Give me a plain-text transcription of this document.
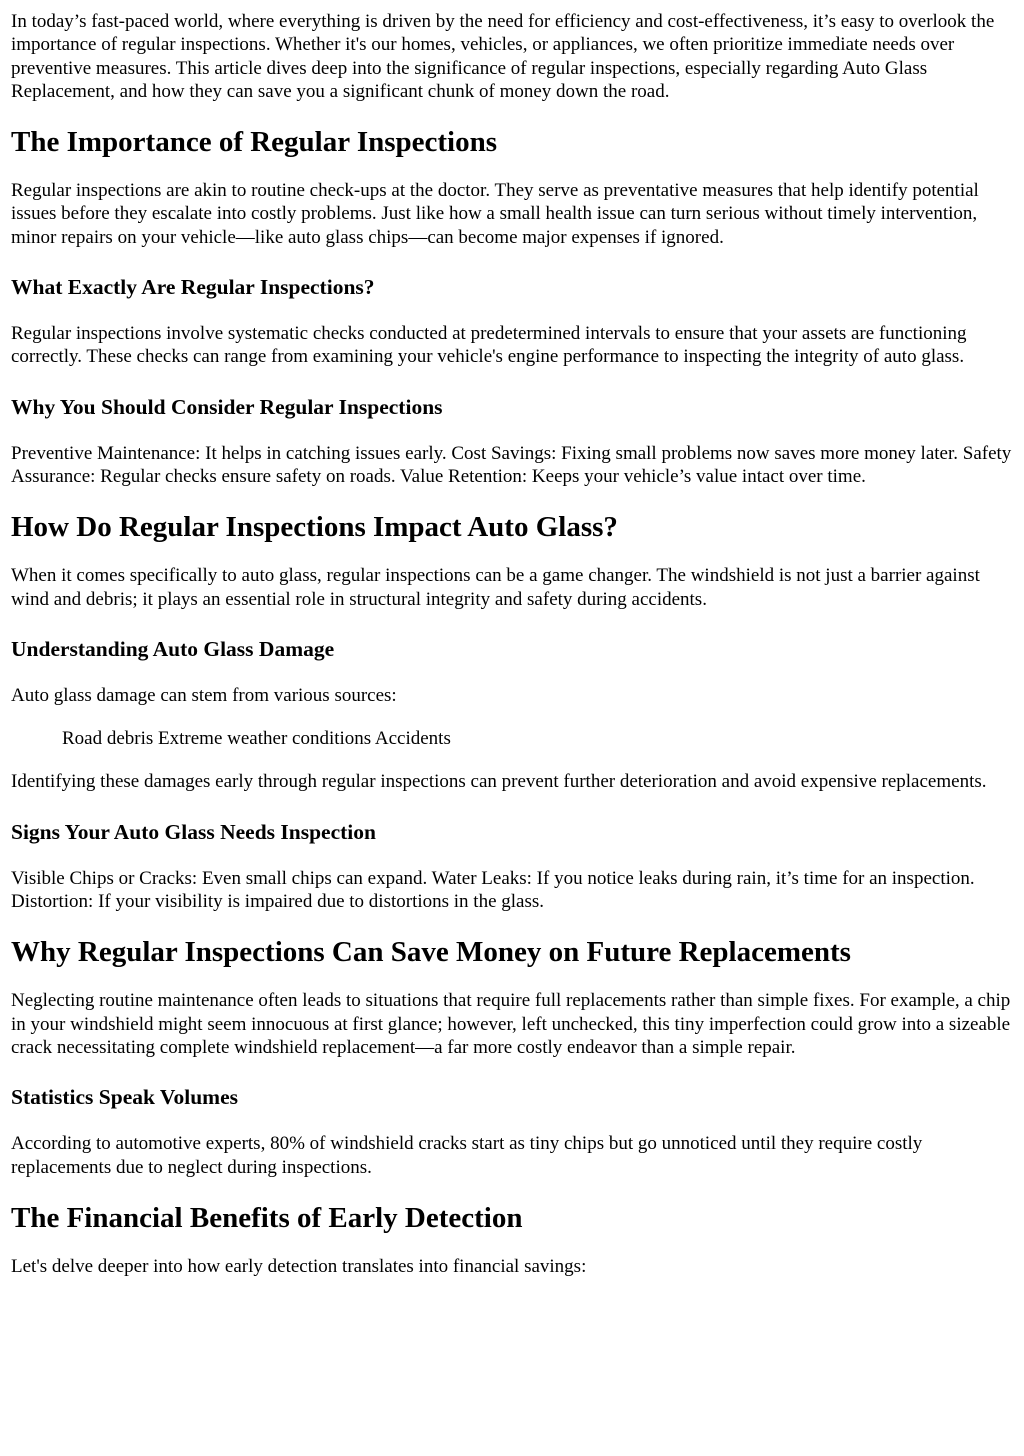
In today’s fast-paced world, where everything is driven by the need for efficiency and cost-effectiveness, it’s easy to overlook the importance of regular inspections. Whether it's our homes, vehicles, or appliances, we often prioritize immediate needs over preventive measures. This article dives deep into the significance of regular inspections, especially regarding Auto Glass Replacement, and how they can save you a significant chunk of money down the road.

The Importance of Regular Inspections

Regular inspections are akin to routine check-ups at the doctor. They serve as preventative measures that help identify potential issues before they escalate into costly problems. Just like how a small health issue can turn serious without timely intervention, minor repairs on your vehicle—like auto glass chips—can become major expenses if ignored.

What Exactly Are Regular Inspections?

Regular inspections involve systematic checks conducted at predetermined intervals to ensure that your assets are functioning correctly. These checks can range from examining your vehicle's engine performance to inspecting the integrity of auto glass.

Why You Should Consider Regular Inspections

Preventive Maintenance: It helps in catching issues early. Cost Savings: Fixing small problems now saves more money later. Safety Assurance: Regular checks ensure safety on roads. Value Retention: Keeps your vehicle’s value intact over time.

How Do Regular Inspections Impact Auto Glass?

When it comes specifically to auto glass, regular inspections can be a game changer. The windshield is not just a barrier against wind and debris; it plays an essential role in structural integrity and safety during accidents.

Understanding Auto Glass Damage

Auto glass damage can stem from various sources:

Road debris Extreme weather conditions Accidents

Identifying these damages early through regular inspections can prevent further deterioration and avoid expensive replacements.

Signs Your Auto Glass Needs Inspection

Visible Chips or Cracks: Even small chips can expand. Water Leaks: If you notice leaks during rain, it’s time for an inspection. Distortion: If your visibility is impaired due to distortions in the glass.

Why Regular Inspections Can Save Money on Future Replacements

Neglecting routine maintenance often leads to situations that require full replacements rather than simple fixes. For example, a chip in your windshield might seem innocuous at first glance; however, left unchecked, this tiny imperfection could grow into a sizeable crack necessitating complete windshield replacement—a far more costly endeavor than a simple repair.

Statistics Speak Volumes

According to automotive experts, 80% of windshield cracks start as tiny chips but go unnoticed until they require costly replacements due to neglect during inspections.

The Financial Benefits of Early Detection

Let's delve deeper into how early detection translates into financial savings:
